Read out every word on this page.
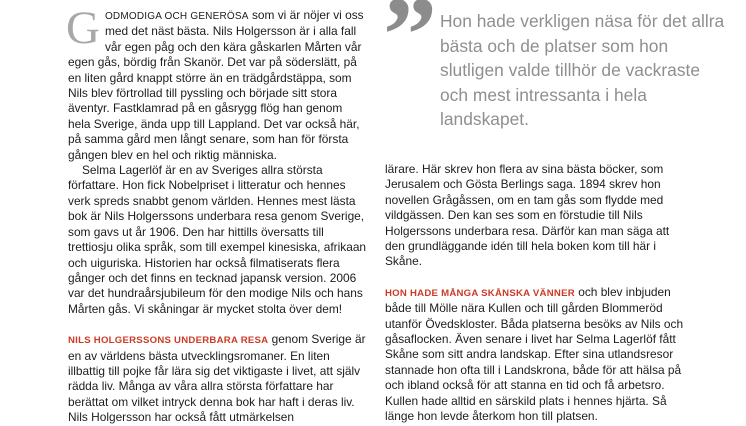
GODMODIGA OCH GENERÖSA som vi är nöjer vi oss med det näst bästa. Nils Holgersson är i alla fall vår egen påg och den kära gåskarlen Mårten vår egen gås, bördig från Skanör. Det var på söderslätt, på en liten gård knappt större än en trädgårdstäppa, som Nils blev förtrollad till pyssling och började sitt stora äventyr. Fastklamrad på en gåsrygg flög han genom hela Sverige, ända upp till Lappland. Det var också här, på samma gård men långt senare, som han för första gången blev en hel och riktig människa.

Selma Lagerlöf är en av Sveriges allra största författare. Hon fick Nobelpriset i litteratur och hennes verk spreds snabbt genom världen. Hennes mest lästa bok är Nils Holgerssons underbara resa genom Sverige, som gavs ut år 1906. Den har hittills översatts till trettiosju olika språk, som till exempel kinesiska, afrikaan och uiguriska. Historien har också filmatiserats flera gånger och det finns en tecknad japansk version. 2006 var det hundraårsjubileum för den modige Nils och hans Mårten gås. Vi skåningar är mycket stolta över dem!

NILS HOLGERSSONS UNDERBARA RESA genom Sverige är en av världens bästa utvecklingsromaner. En liten illbattig till pojke får lära sig det viktigaste i livet, att själv rädda liv. Många av våra allra största författare har berättat om vilket intryck denna bok har haft i deras liv. Nils Holgersson har också fått utmärkelsen

” Hon hade verkligen näsa för det allra bästa och de platser som hon slutligen valde tillhör de vackraste och mest intressanta i hela landskapet.

lärare. Här skrev hon flera av sina bästa böcker, som Jerusalem och Gösta Berlings saga. 1894 skrev hon novellen Grågåssen, om en tam gås som flydde med vildgässen. Den kan ses som en förstudie till Nils Holgerssons underbara resa. Därför kan man säga att den grundläggande idén till hela boken kom till här i Skåne.

HON HADE MÅNGA SKÅNSKA VÄNNER och blev inbjuden både till Mölle nära Kullen och till gården Blommeröd utanför Övedskloster. Båda platserna besöks av Nils och gåsaflocken. Även senare i livet har Selma Lagerlöf fått Skåne som sitt andra landskap. Efter sina utlandsresor stannade hon ofta till i Landskrona, både för att hälsa på och ibland också för att stanna en tid och få arbetsro. Kullen hade alltid en särskild plats i hennes hjärta. Så länge hon levde återkom hon till platsen.
